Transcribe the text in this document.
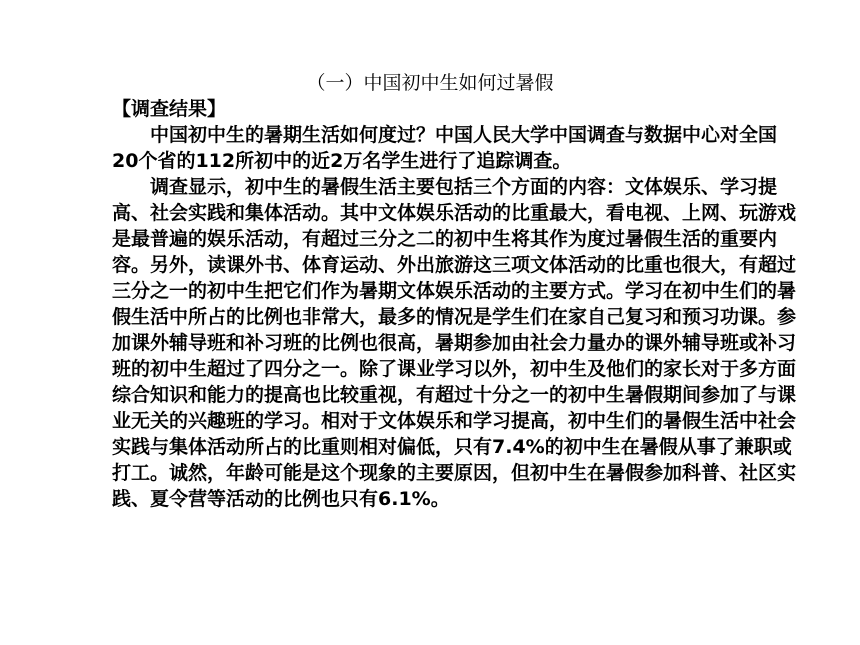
（一）中国初中生如何过暑假
【调查结果】

中国初中生的暑期生活如何度过？中国人民大学中国调查与数据中心对全国20个省的112所初中的近2万名学生进行了追踪调查。

调查显示，初中生的暑假生活主要包括三个方面的内容：文体娱乐、学习提高、社会实践和集体活动。其中文体娱乐活动的比重最大，看电视、上网、玩游戏是最普遍的娱乐活动，有超过三分之二的初中生将其作为度过暑假生活的重要内容。另外，读课外书、体育运动、外出旅游这三项文体活动的比重也很大，有超过三分之一的初中生把它们作为暑期文体娱乐活动的主要方式。学习在初中生们的暑假生活中所占的比例也非常大，最多的情况是学生们在家自己复习和预习功课。参加课外辅导班和补习班的比例也很高，暑期参加由社会力量办的课外辅导班或补习班的初中生超过了四分之一。除了课业学习以外，初中生及他们的家长对于多方面综合知识和能力的提高也比较重视，有超过十分之一的初中生暑假期间参加了与课业无关的兴趣班的学习。相对于文体娱乐和学习提高，初中生们的暑假生活中社会实践与集体活动所占的比重则相对偏低，只有7.4%的初中生在暑假从事了兼职或打工。诚然，年龄可能是这个现象的主要原因，但初中生在暑假参加科普、社区实践、夏令营等活动的比例也只有6.1%。
